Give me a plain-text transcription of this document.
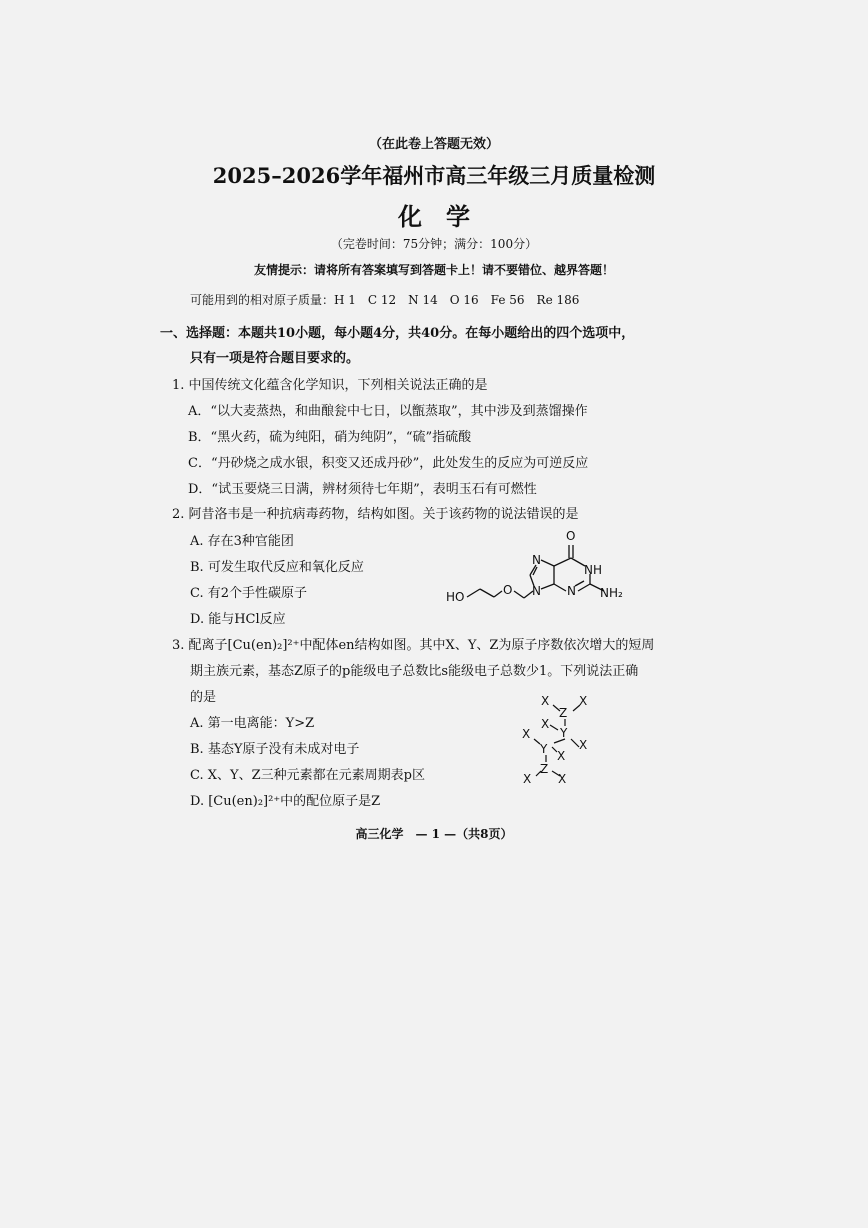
（在此卷上答题无效）
2025–2026学年福州市高三年级三月质量检测
化　学
（完卷时间：75分钟；满分：100分）
友情提示：请将所有答案填写到答题卡上！请不要错位、越界答题！
可能用到的相对原子质量：H 1　C 12　N 14　O 16　Fe 56　Re 186
一、选择题：本题共10小题，每小题4分，共40分。在每小题给出的四个选项中，
只有一项是符合题目要求的。
1. 中国传统文化蕴含化学知识，下列相关说法正确的是
A．“以大麦蒸热，和曲酿瓮中七日，以甑蒸取”，其中涉及到蒸馏操作
B．“黑火药，硫为纯阳，硝为纯阴”，“硫”指硫酸
C．“丹砂烧之成水银，积变又还成丹砂”，此处发生的反应为可逆反应
D．“试玉要烧三日满，辨材须待七年期”，表明玉石有可燃性
2. 阿昔洛韦是一种抗病毒药物，结构如图。关于该药物的说法错误的是
A. 存在3种官能团
B. 可发生取代反应和氧化反应
C. 有2个手性碳原子
D. 能与HCl反应
O
NH
N
N N
O
HO	NH₂
3. 配离子[Cu(en)₂]²⁺中配体en结构如图。其中X、Y、Z为原子序数依次增大的短周
期主族元素，基态Z原子的p能级电子总数比s能级电子总数少1。下列说法正确
的是
A. 第一电离能：Y>Z
B. 基态Y原子没有未成对电子
C. X、Y、Z三种元素都在元素周期表p区
D. [Cu(en)₂]²⁺中的配位原子是Z
X
Z
X
X
Y
X
Y	X
X
Z
X X
高三化学　— 1 —（共8页）
